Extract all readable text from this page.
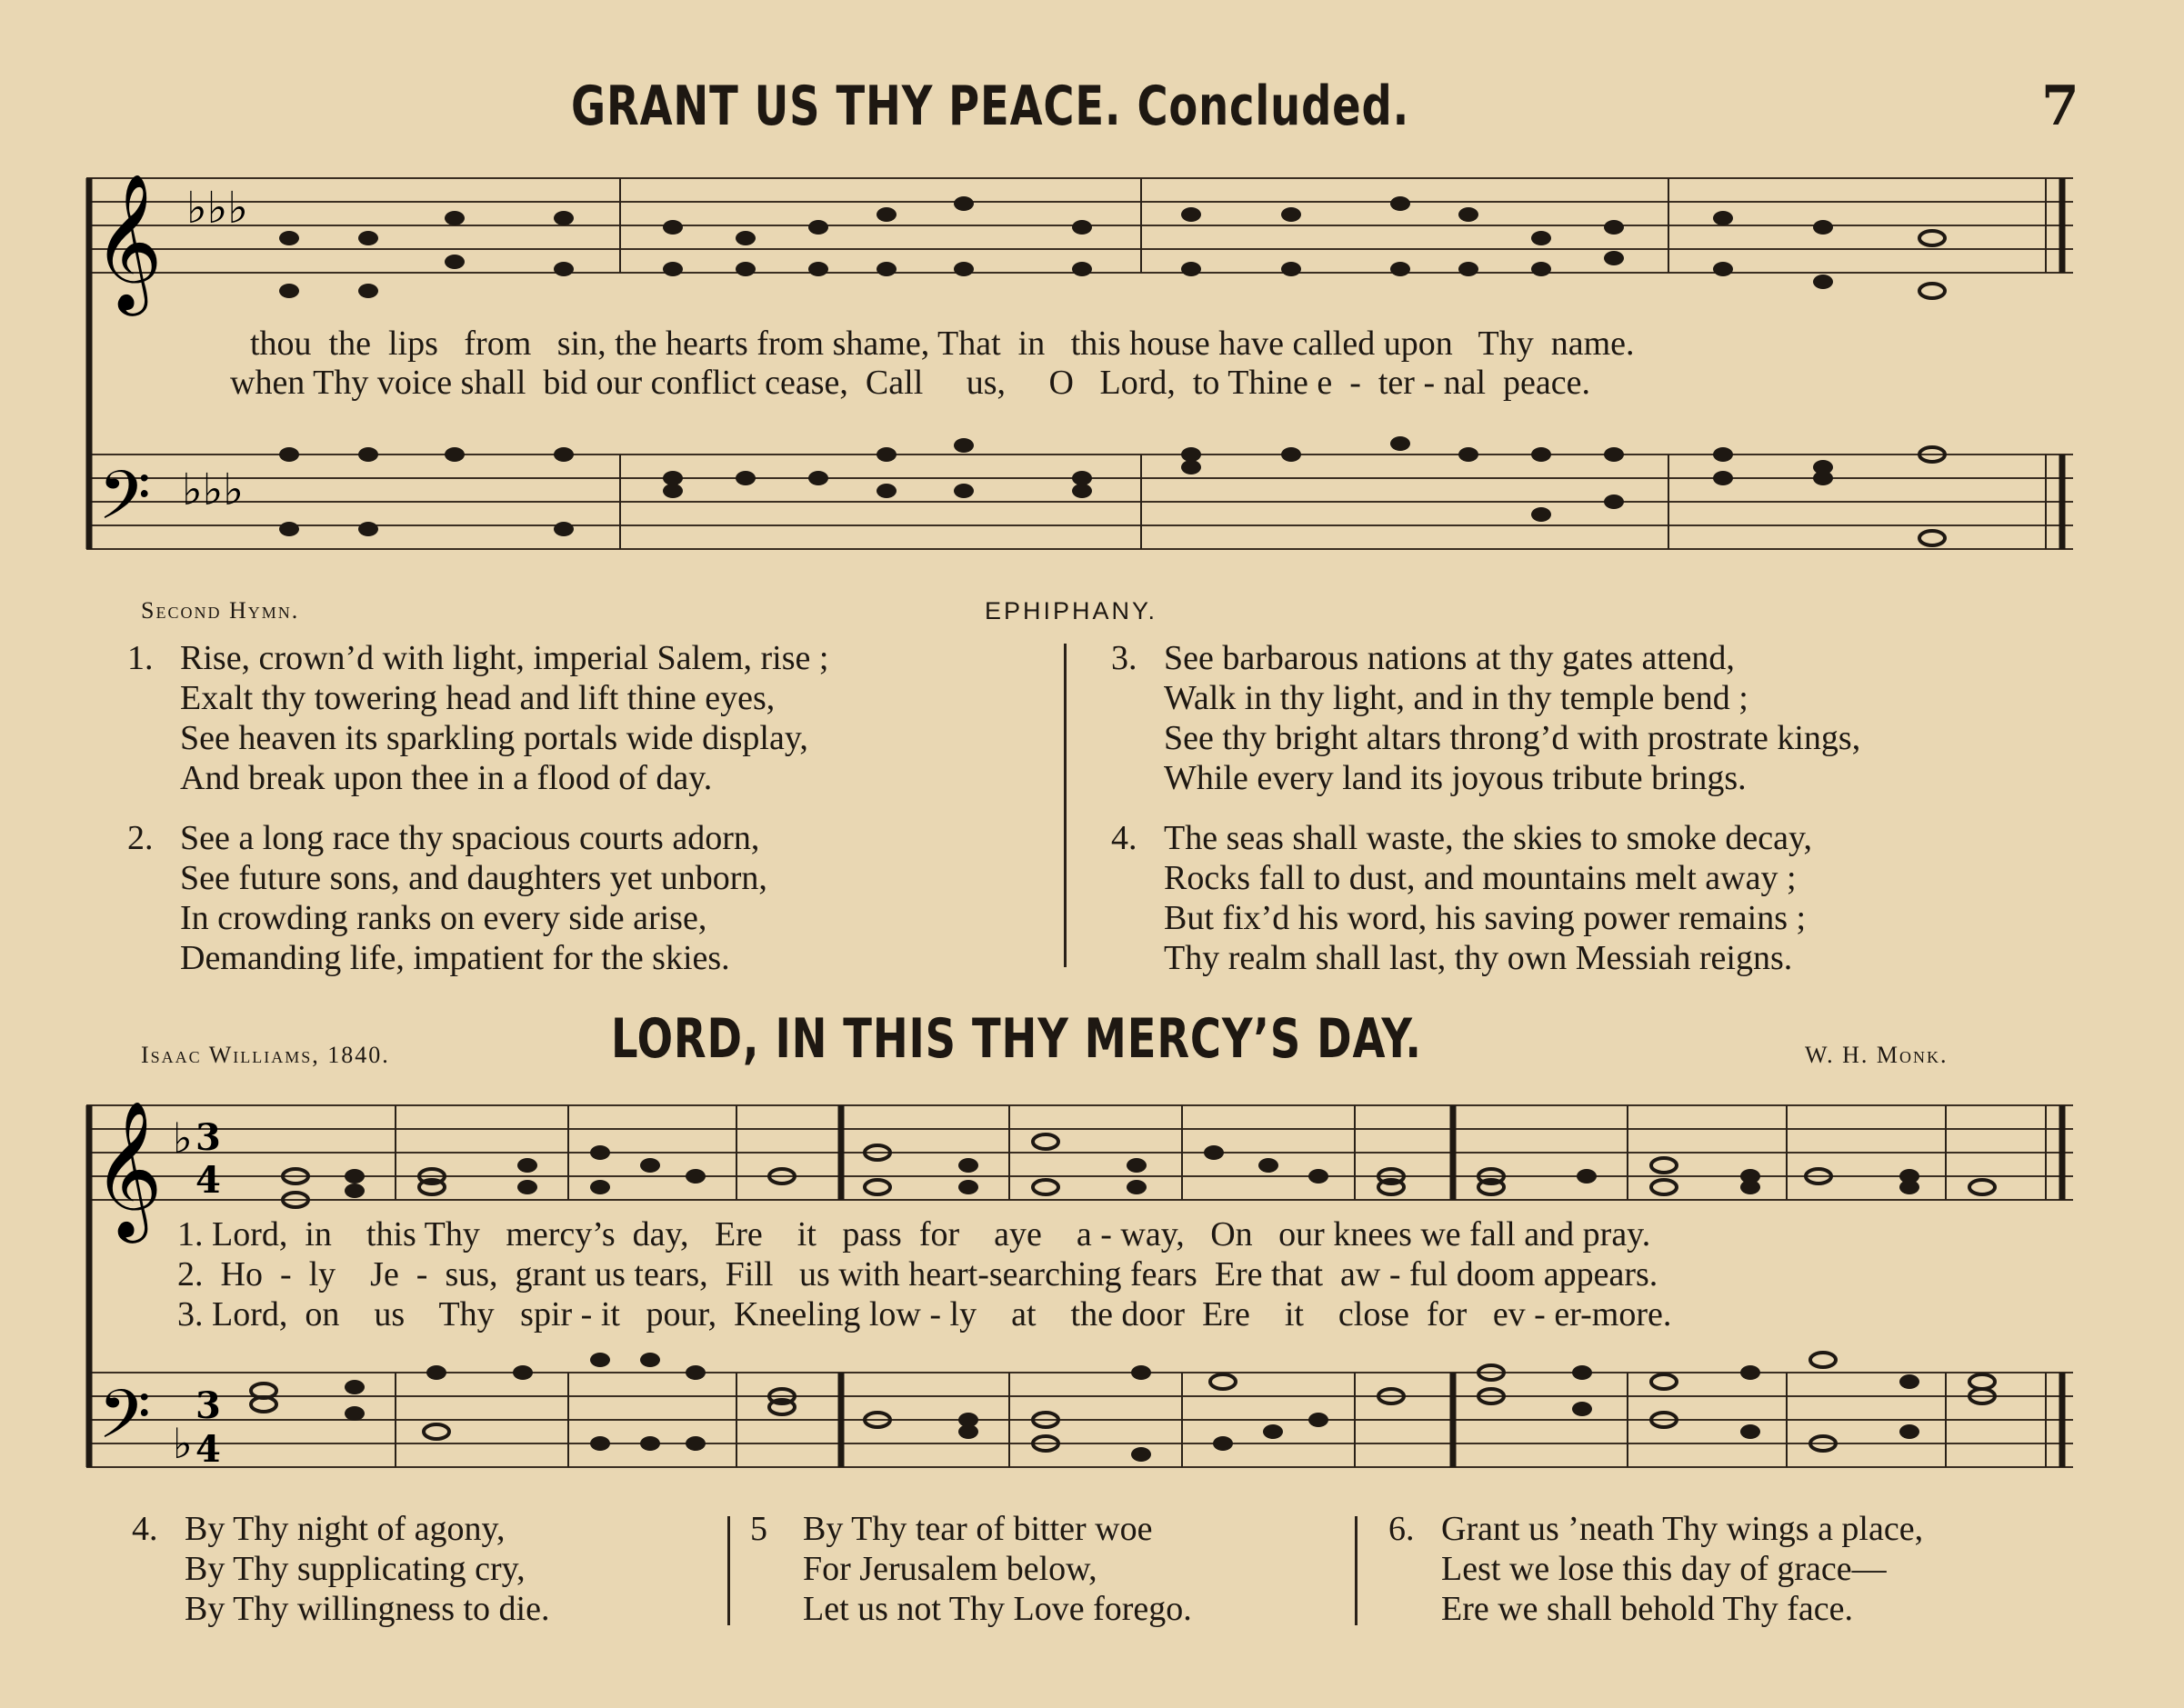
GRANT US THY PEACE. Concluded.	7
𝄞
𝄢
♭♭♭
♭♭♭
𝄞
𝄢
♭
♭
3
4
3
4
thou  the  lips   from   sin, the hearts from shame, That  in   this house have called upon   Thy  name.
when Thy voice shall  bid our conflict cease,  Call     us,     O   Lord,  to Thine e  -  ter - nal  peace.
Second Hymn.	EPHIPHANY.
1. Rise, crown’d with light, imperial Salem, rise ;
Exalt thy towering head and lift thine eyes,
See heaven its sparkling portals wide display,
And break upon thee in a flood of day.
2. See a long race thy spacious courts adorn,
See future sons, and daughters yet unborn,
In crowding ranks on every side arise,
Demanding life, impatient for the skies.
3. See barbarous nations at thy gates attend,
Walk in thy light, and in thy temple bend ;
See thy bright altars throng’d with prostrate kings,
While every land its joyous tribute brings.
4. The seas shall waste, the skies to smoke decay,
Rocks fall to dust, and mountains melt away ;
But fix’d his word, his saving power remains ;
Thy realm shall last, thy own Messiah reigns.
Isaac Williams, 1840.	LORD, IN THIS THY MERCY’S DAY.	W. H. Monk.
1. Lord,  in    this Thy   mercy’s  day,   Ere    it   pass  for    aye    a - way,   On   our knees we fall and pray.
2.  Ho  -  ly    Je  -  sus,  grant us tears,  Fill   us with heart-searching fears  Ere that  aw - ful doom appears.
3. Lord,  on    us    Thy   spir - it   pour,  Kneeling low - ly    at    the door  Ere    it    close  for   ev - er-more.
4. By Thy night of agony,
By Thy supplicating cry,
By Thy willingness to die.
5 By Thy tear of bitter woe
For Jerusalem below,
Let us not Thy Love forego.
6. Grant us ’neath Thy wings a place,
Lest we lose this day of grace—
Ere we shall behold Thy face.
